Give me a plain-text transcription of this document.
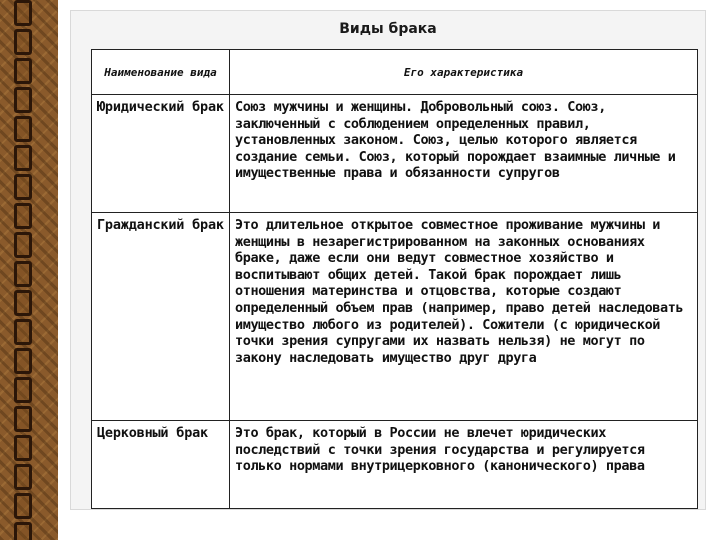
Виды брака
Наименование вида	Его характеристика
Юридический брак	Союз мужчины и женщины. Добровольный союз. Союз, заключенный с соблюдением определенных правил, установленных законом. Союз, целью которого является создание семьи. Союз, который порождает взаимные личные и имущественные права и обязанности супругов
Гражданский брак	Это длительное открытое совместное проживание мужчины и женщины в незарегистрированном на законных основаниях браке, даже если они ведут совместное хозяйство и воспитывают общих детей. Такой брак порождает лишь отношения материнства и отцовства, которые создают определенный объем прав (например, право детей наследовать имущество любого из родителей). Сожители (с юридической точки зрения супругами их назвать нельзя) не могут по закону наследовать имущество друг друга
Церковный брак	Это брак, который в России не влечет юридических последствий с точки зрения государства и регулируется только нормами внутрицерковного (канонического) права
